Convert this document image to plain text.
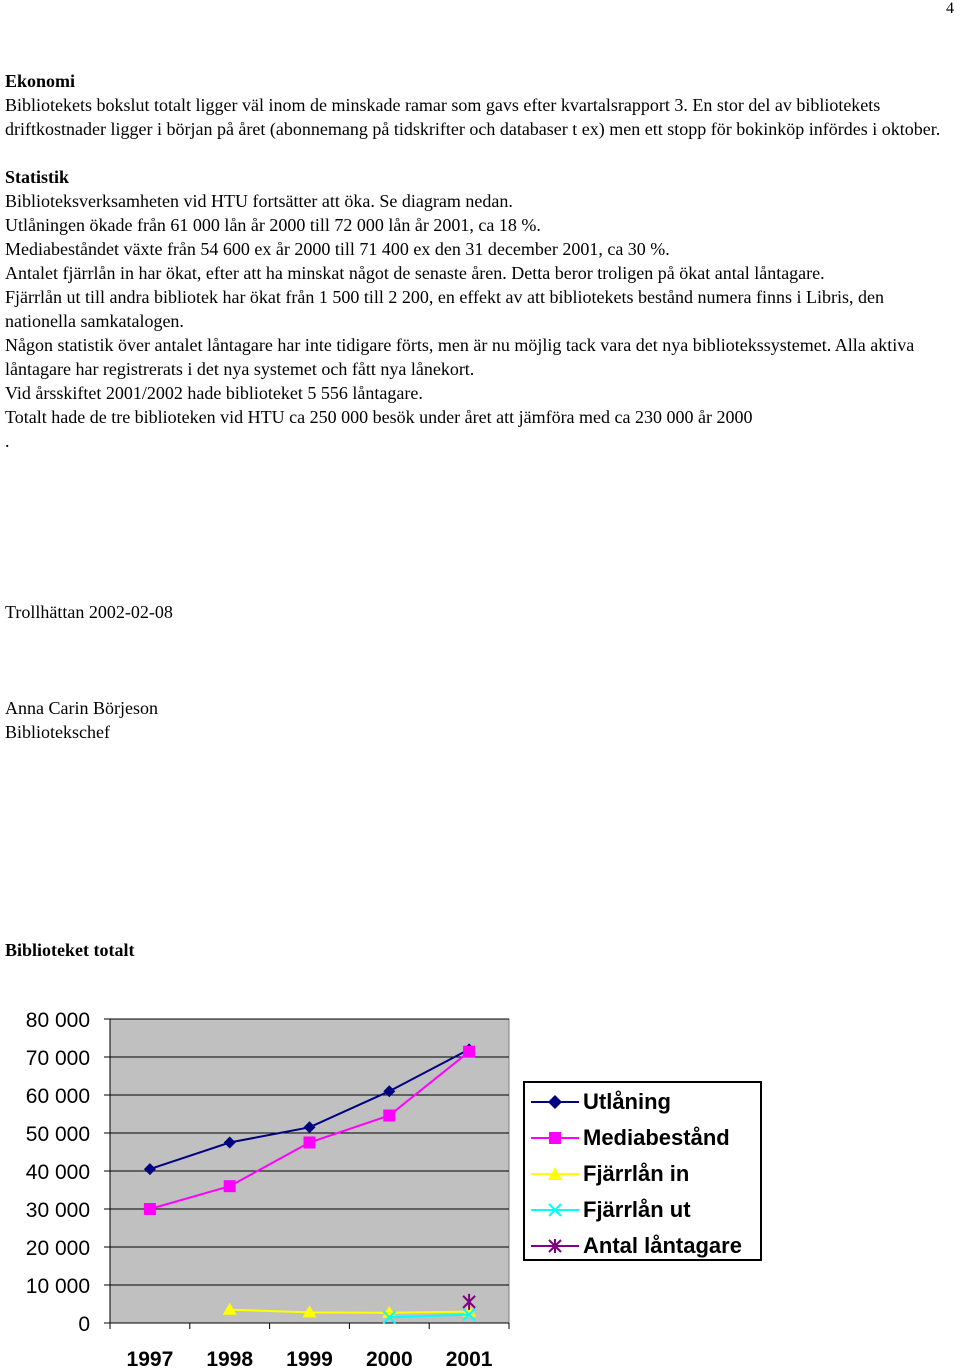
4

Ekonomi

Bibliotekets bokslut totalt ligger väl inom de minskade ramar som gavs efter kvartalsrapport 3. En stor del av bibliotekets driftkostnader ligger i början på året (abonnemang på tidskrifter och databaser t ex) men ett stopp för bokinköp infördes i oktober.

Statistik

Biblioteksverksamheten vid HTU fortsätter att öka. Se diagram nedan.

Utlåningen ökade från 61 000 lån år 2000 till 72 000 lån år 2001, ca 18 %.

Mediabeståndet växte från 54 600 ex år 2000 till 71 400 ex den 31 december 2001, ca 30 %.

Antalet fjärrlån in har ökat, efter att ha minskat något de senaste åren. Detta beror troligen på ökat antal låntagare.

Fjärrlån ut till andra bibliotek har ökat från 1 500 till 2 200, en effekt av att bibliotekets bestånd numera finns i Libris, den nationella samkatalogen.

Någon statistik över antalet låntagare har inte tidigare förts, men är nu möjlig tack vara det nya bibliotekssystemet. Alla aktiva låntagare har registrerats i det nya systemet och fått nya lånekort.

Vid årsskiftet 2001/2002 hade biblioteket 5 556 låntagare.

Totalt hade de tre biblioteken vid HTU ca 250 000 besök under året att jämföra med ca 230 000 år 2000

.

Trollhättan 2002-02-08
Anna Carin Börjeson
Bibliotekschef
Biblioteket totalt
0
10 000
20 000
30 000
40 000
50 000
60 000
70 000
80 000
1997 1998 1999 2000 2001
Utlåning
Mediabestånd
Fjärrlån in
Fjärrlån ut
Antal låntagare
